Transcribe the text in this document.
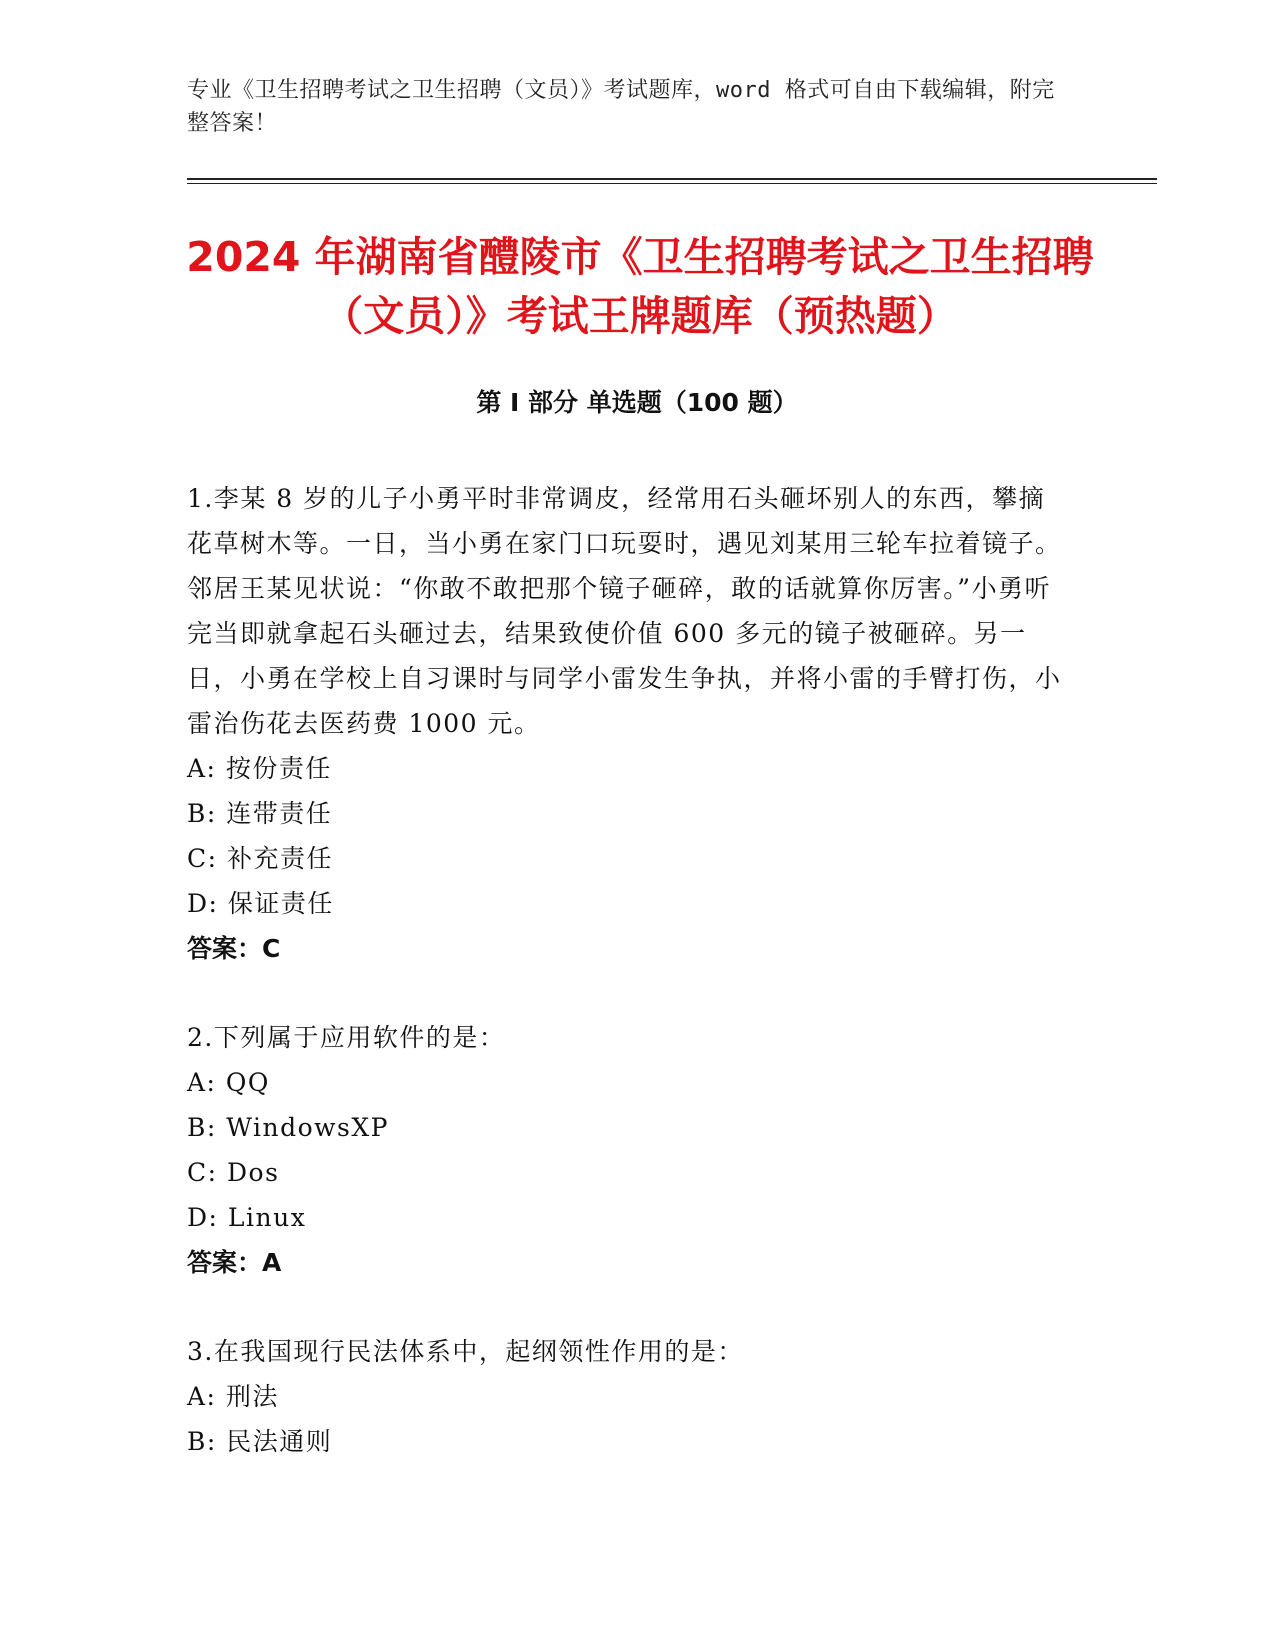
专业《卫生招聘考试之卫生招聘（文员）》考试题库，word 格式可自由下载编辑，附完整答案！
2024 年湖南省醴陵市《卫生招聘考试之卫生招聘（文员）》考试王牌题库（预热题）
第 I 部分 单选题（100 题）
1.李某 8 岁的儿子小勇平时非常调皮，经常用石头砸坏别人的东西，攀摘花草树木等。一日，当小勇在家门口玩耍时，遇见刘某用三轮车拉着镜子。邻居王某见状说：“你敢不敢把那个镜子砸碎，敢的话就算你厉害。”小勇听完当即就拿起石头砸过去，结果致使价值 600 多元的镜子被砸碎。另一日，小勇在学校上自习课时与同学小雷发生争执，并将小雷的手臂打伤，小雷治伤花去医药费 1000 元。
A: 按份责任
B: 连带责任
C: 补充责任
D: 保证责任
答案：C
2.下列属于应用软件的是：
A: QQ
B: WindowsXP
C: Dos
D: Linux
答案：A
3.在我国现行民法体系中，起纲领性作用的是：
A: 刑法
B: 民法通则
